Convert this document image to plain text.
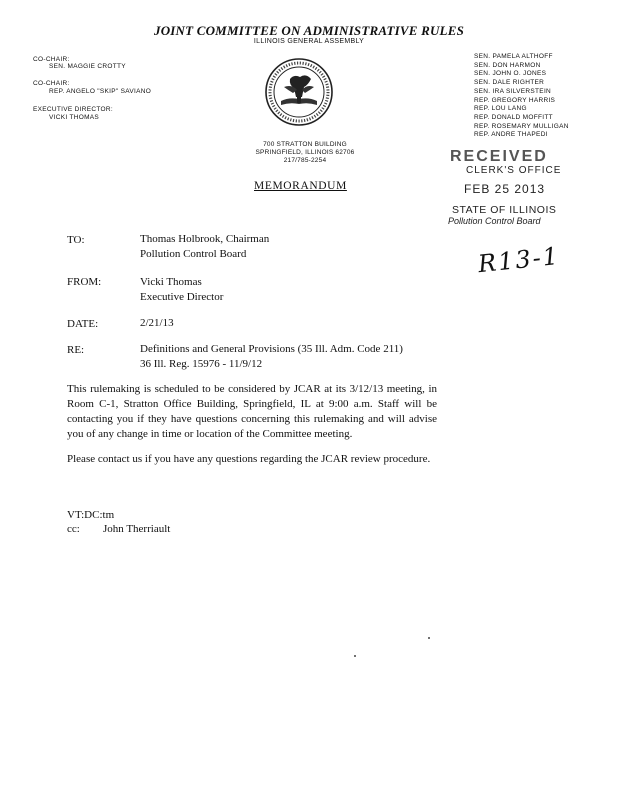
JOINT COMMITTEE ON ADMINISTRATIVE RULES
ILLINOIS GENERAL ASSEMBLY
CO-CHAIR:
SEN. MAGGIE CROTTY
CO-CHAIR:
REP. ANGELO "SKIP" SAVIANO
EXECUTIVE DIRECTOR:
VICKI THOMAS
SEN. PAMELA ALTHOFF
SEN. DON HARMON
SEN. JOHN O. JONES
SEN. DALE RIGHTER
SEN. IRA SILVERSTEIN
REP. GREGORY HARRIS
REP. LOU LANG
REP. DONALD MOFFITT
REP. ROSEMARY MULLIGAN
REP. ANDRE THAPEDI
700 STRATTON BUILDING
SPRINGFIELD, ILLINOIS 62706
217/785-2254	RECEIVED
CLERK'S OFFICE
FEB 25 2013
STATE OF ILLINOIS
Pollution Control Board
MEMORANDUM
R13-1
TO:	Thomas Holbrook, Chairman
Pollution Control Board
FROM:	Vicki Thomas
Executive Director
DATE:	2/21/13
RE:	Definitions and General Provisions (35 Ill. Adm. Code 211)
36 Ill. Reg. 15976 - 11/9/12
This rulemaking is scheduled to be considered by JCAR at its 3/12/13 meeting, in Room C-1, Stratton Office Building, Springfield, IL at 9:00 a.m. Staff will be contacting you if they have questions concerning this rulemaking and will advise you of any change in time or location of the Committee meeting.
Please contact us if you have any questions regarding the JCAR review procedure.
VT:DC:tm
cc: John Therriault
